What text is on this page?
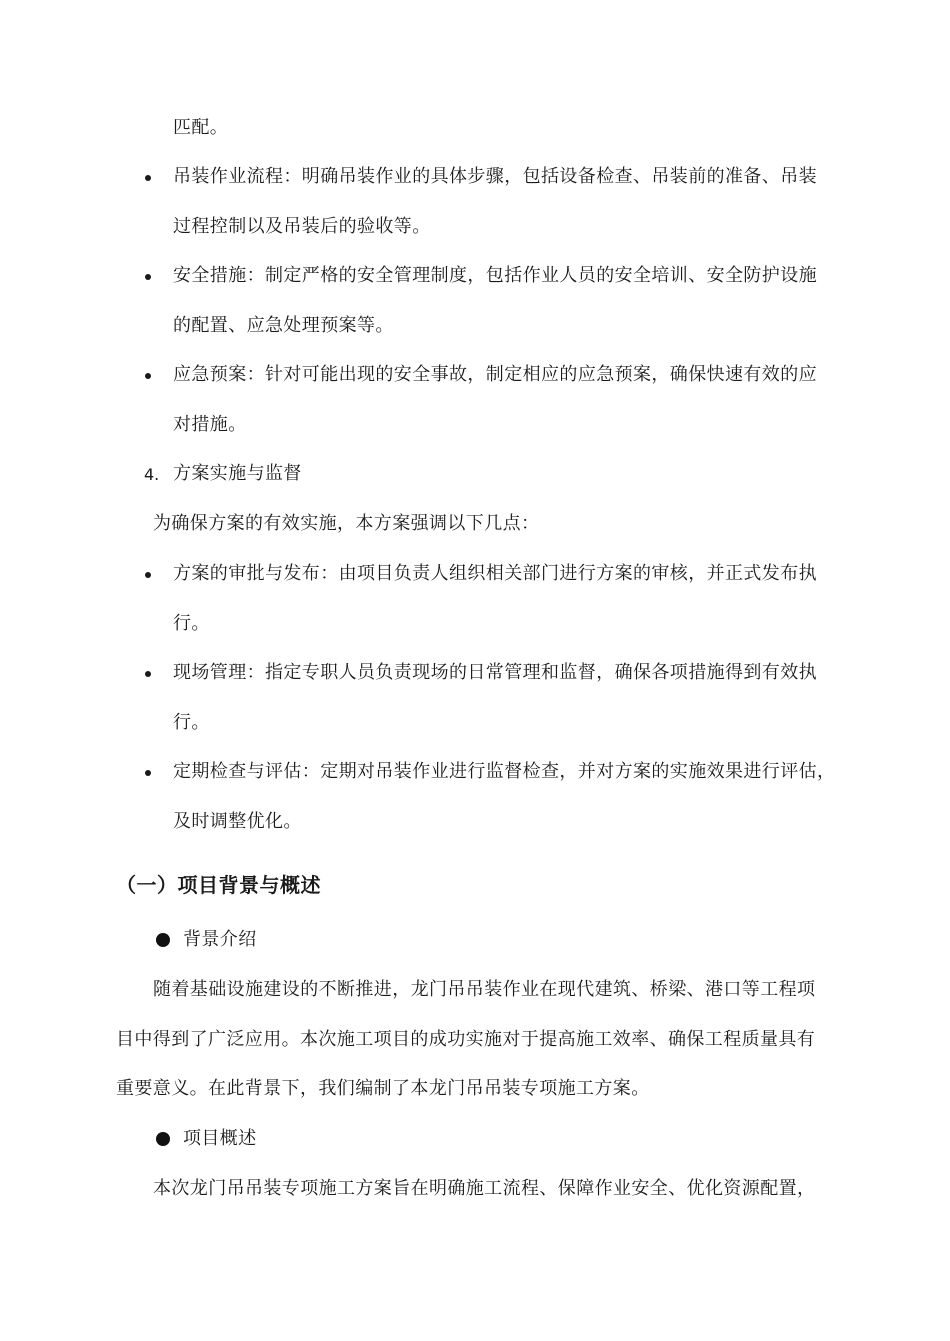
匹配。
吊装作业流程：明确吊装作业的具体步骤，包括设备检查、吊装前的准备、吊装
过程控制以及吊装后的验收等。
安全措施：制定严格的安全管理制度，包括作业人员的安全培训、安全防护设施
的配置、应急处理预案等。
应急预案：针对可能出现的安全事故，制定相应的应急预案，确保快速有效的应
对措施。
4. 方案实施与监督
为确保方案的有效实施，本方案强调以下几点：
方案的审批与发布：由项目负责人组织相关部门进行方案的审核，并正式发布执
行。
现场管理：指定专职人员负责现场的日常管理和监督，确保各项措施得到有效执
行。
定期检查与评估：定期对吊装作业进行监督检查，并对方案的实施效果进行评估，
及时调整优化。
（一）项目背景与概述
背景介绍
随着基础设施建设的不断推进，龙门吊吊装作业在现代建筑、桥梁、港口等工程项
目中得到了广泛应用。本次施工项目的成功实施对于提高施工效率、确保工程质量具有
重要意义。在此背景下，我们编制了本龙门吊吊装专项施工方案。
项目概述
本次龙门吊吊装专项施工方案旨在明确施工流程、保障作业安全、优化资源配置，
